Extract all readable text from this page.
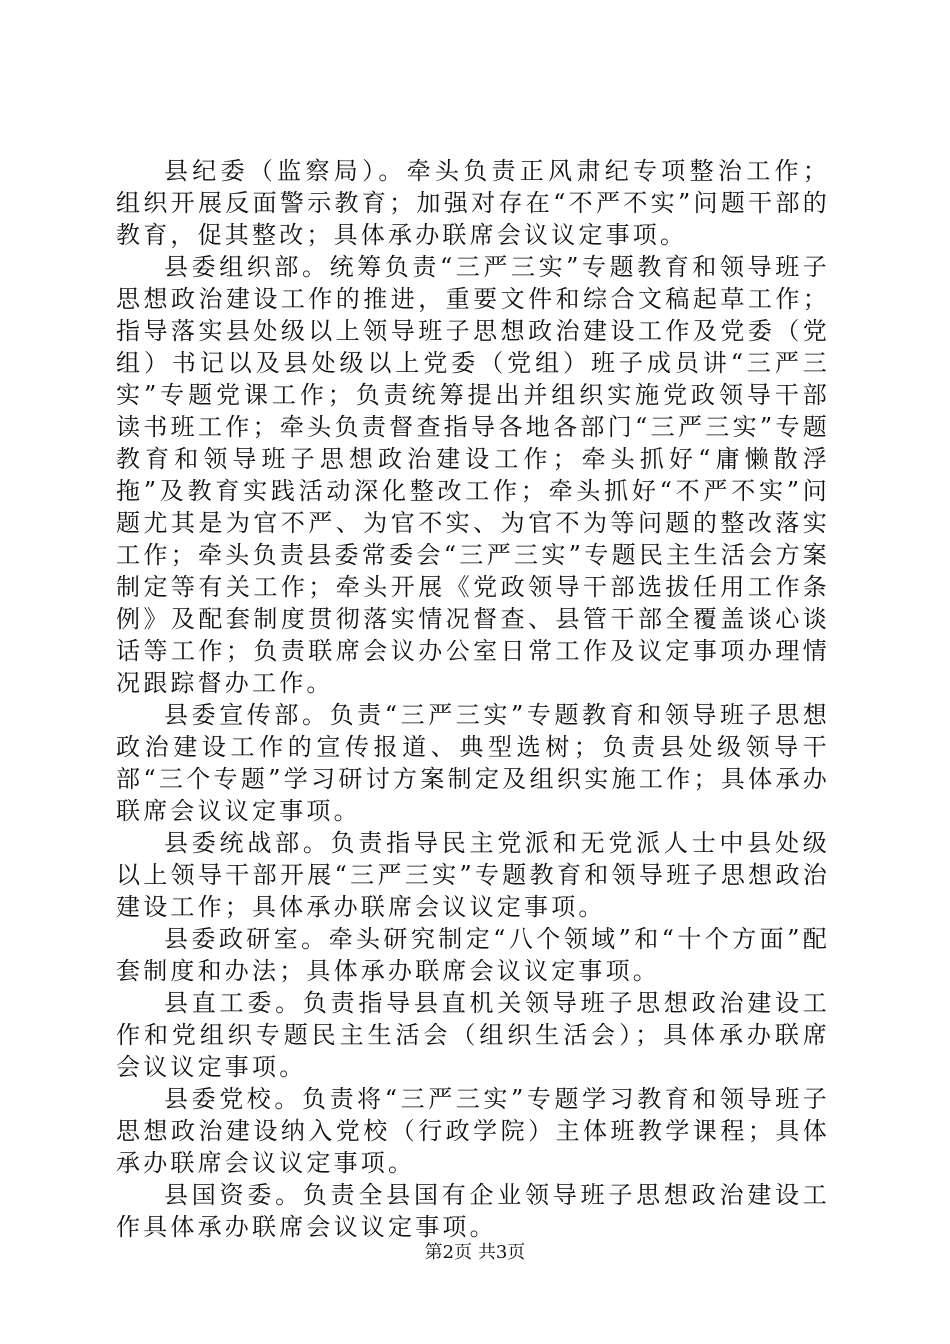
县纪委（监察局）。牵头负责正风肃纪专项整治工作；组织开展反面警示教育；加强对存在“不严不实”问题干部的教育，促其整改；具体承办联席会议议定事项。

县委组织部。统筹负责“三严三实”专题教育和领导班子思想政治建设工作的推进，重要文件和综合文稿起草工作；指导落实县处级以上领导班子思想政治建设工作及党委（党组）书记以及县处级以上党委（党组）班子成员讲“三严三实”专题党课工作；负责统筹提出并组织实施党政领导干部读书班工作；牵头负责督查指导各地各部门“三严三实”专题教育和领导班子思想政治建设工作；牵头抓好“庸懒散浮拖”及教育实践活动深化整改工作；牵头抓好“不严不实”问题尤其是为官不严、为官不实、为官不为等问题的整改落实工作；牵头负责县委常委会“三严三实”专题民主生活会方案制定等有关工作；牵头开展《党政领导干部选拔任用工作条例》及配套制度贯彻落实情况督查、县管干部全覆盖谈心谈话等工作；负责联席会议办公室日常工作及议定事项办理情况跟踪督办工作。

县委宣传部。负责“三严三实”专题教育和领导班子思想政治建设工作的宣传报道、典型选树；负责县处级领导干部“三个专题”学习研讨方案制定及组织实施工作；具体承办联席会议议定事项。

县委统战部。负责指导民主党派和无党派人士中县处级以上领导干部开展“三严三实”专题教育和领导班子思想政治建设工作；具体承办联席会议议定事项。

县委政研室。牵头研究制定“八个领域”和“十个方面”配套制度和办法；具体承办联席会议议定事项。

县直工委。负责指导县直机关领导班子思想政治建设工作和党组织专题民主生活会（组织生活会）；具体承办联席会议议定事项。

县委党校。负责将“三严三实”专题学习教育和领导班子思想政治建设纳入党校（行政学院）主体班教学课程；具体承办联席会议议定事项。

县国资委。负责全县国有企业领导班子思想政治建设工作具体承办联席会议议定事项。

第2页 共3页
